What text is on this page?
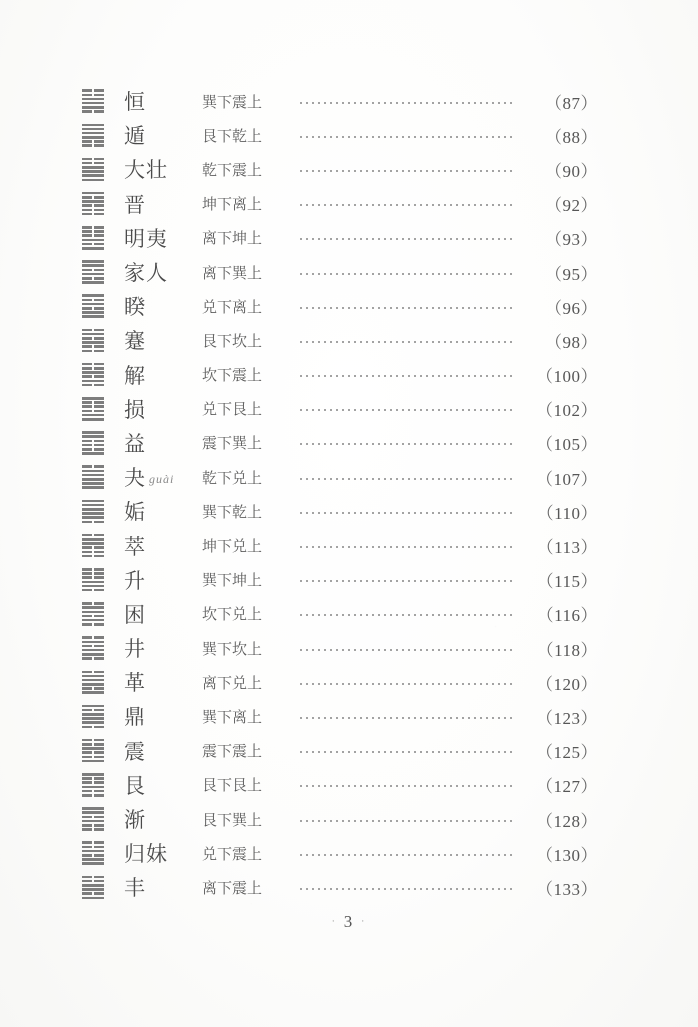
恒	巽下震上	（87）
遁	艮下乾上	（88）
大壮	乾下震上	（90）
晋	坤下离上	（92）
明夷	离下坤上	（93）
家人	离下巽上	（95）
睽	兑下离上	（96）
蹇	艮下坎上	（98）
解	坎下震上	（100）
损	兑下艮上	（102）
益	震下巽上	（105）
夬 guài	乾下兑上	（107）
姤	巽下乾上	（110）
萃	坤下兑上	（113）
升	巽下坤上	（115）
困	坎下兑上	（116）
井	巽下坎上	（118）
革	离下兑上	（120）
鼎	巽下离上	（123）
震	震下震上	（125）
艮	艮下艮上	（127）
渐	艮下巽上	（128）
归妹	兑下震上	（130）
丰	离下震上	（133）
· 3 ·
